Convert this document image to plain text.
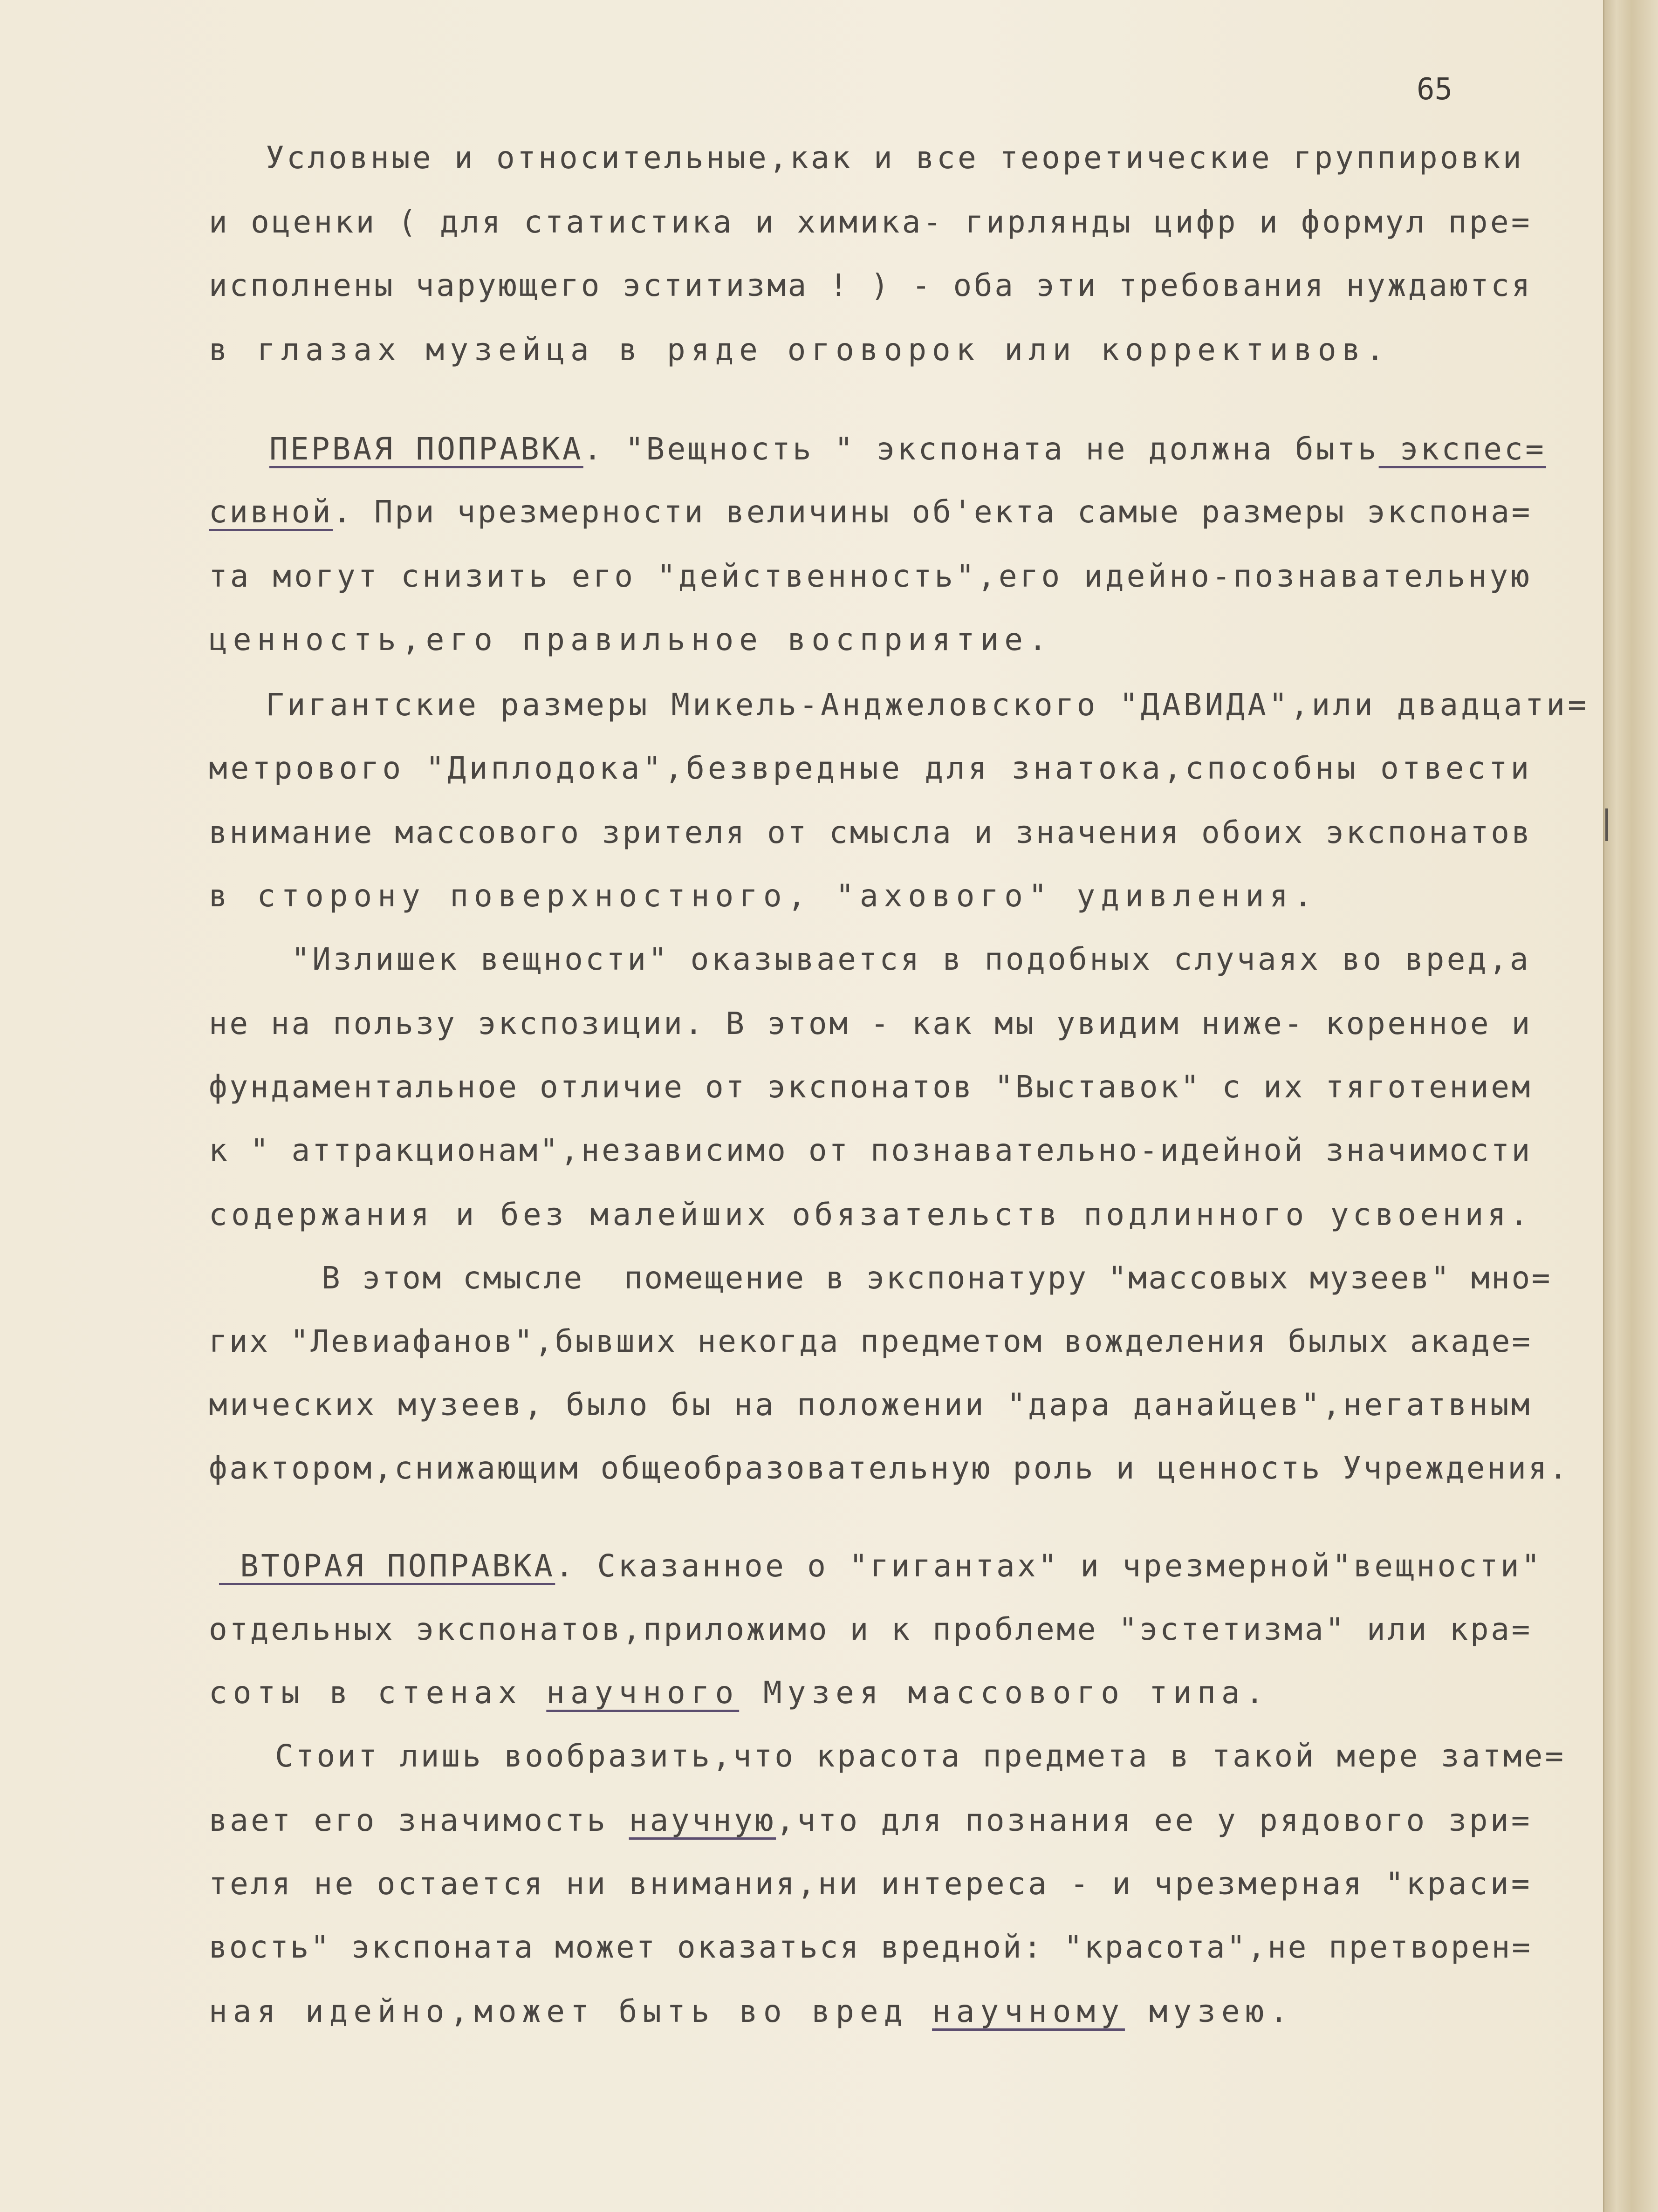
65
Условные и относительные,как и все теоретические группировки
и оценки ( для статистика и химика- гирлянды цифр и формул пре=
исполнены чарующего эститизма ! ) - оба эти требования нуждаются
в глазах музейца в ряде оговорок или коррективов.
ПЕРВАЯ ПОПРАВКА. "Вещность " экспоната не должна быть экспес=
сивной. При чрезмерности величины об'екта самые размеры экспона=
та могут снизить его "действенность",его идейно-познавательную
ценность,его правильное восприятие.
Гигантские размеры Микель-Анджеловского "ДАВИДА",или двадцати=
метрового "Диплодока",безвредные для знатока,способны отвести
внимание массового зрителя от смысла и значения обоих экспонатов
в сторону поверхностного, "ахового" удивления.
"Излишек вещности" оказывается в подобных случаях во вред,а
не на пользу экспозиции. В этом - как мы увидим ниже- коренное и
фундаментальное отличие от экспонатов "Выставок" с их тяготением
к " аттракционам",независимо от познавательно-идейной значимости
содержания и без малейших обязательств подлинного усвоения.
В этом смысле  помещение в экспонатуру "массовых музеев" мно=
гих "Левиафанов",бывших некогда предметом вожделения былых акаде=
мических музеев, было бы на положении "дара данайцев",негатвным
фактором,снижающим общеобразовательную роль и ценность Учреждения.
ВТОРАЯ ПОПРАВКА. Сказанное о "гигантах" и чрезмерной"вещности"
отдельных экспонатов,приложимо и к проблеме "эстетизма" или кра=
соты в стенах научного Музея массового типа.
Стоит лишь вообразить,что красота предмета в такой мере затме=
вает его значимость научную,что для познания ее у рядового зри=
теля не остается ни внимания,ни интереса - и чрезмерная "краси=
вость" экспоната может оказаться вредной: "красота",не претворен=
ная идейно,может быть во вред научному музею.
